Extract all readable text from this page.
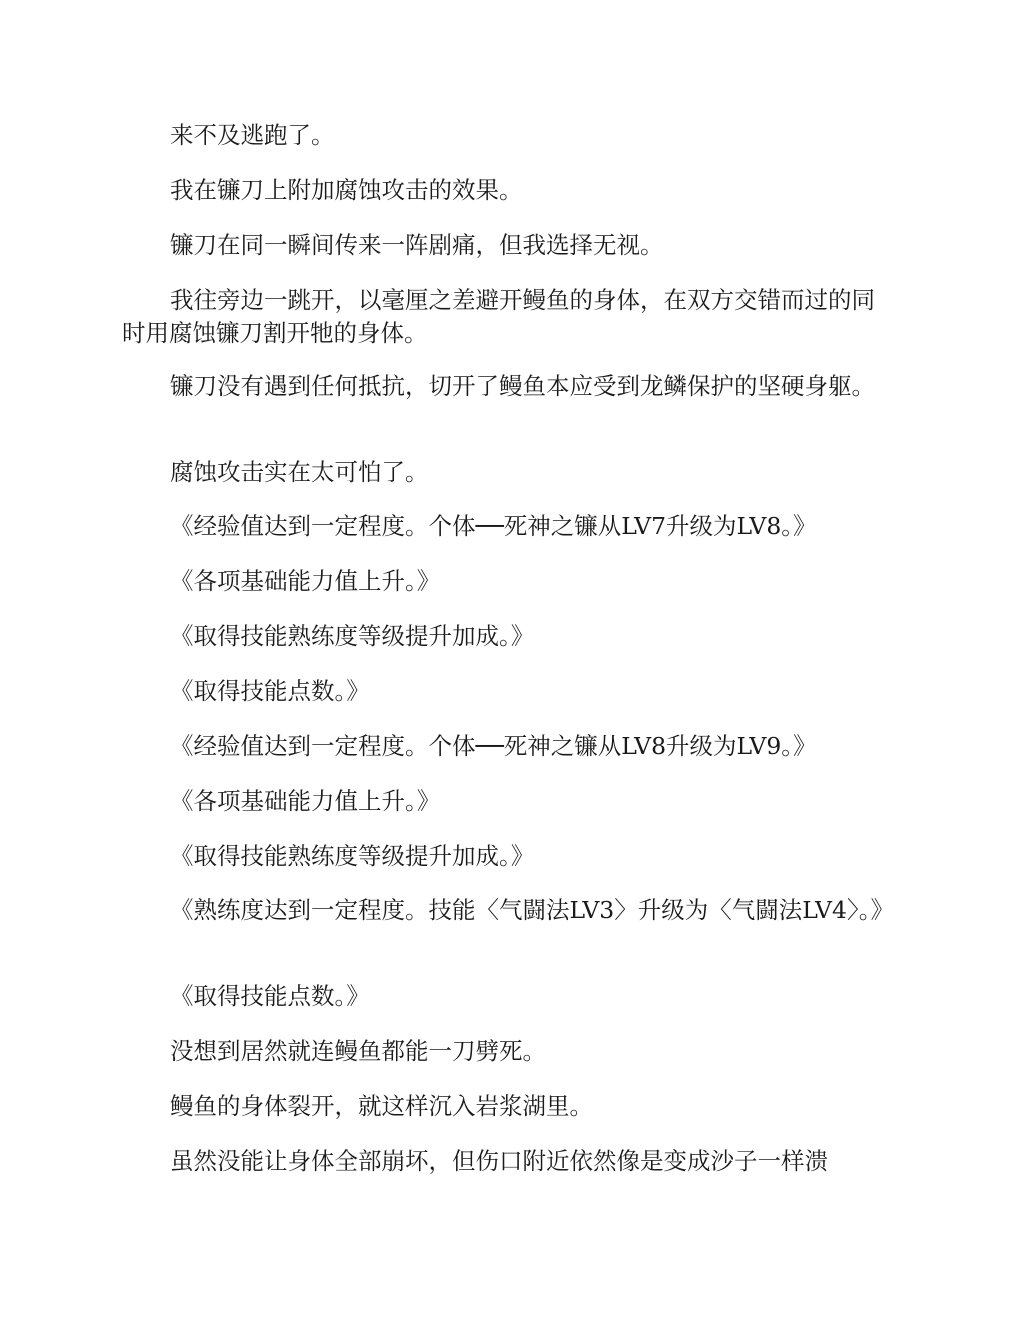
来不及逃跑了。

我在镰刀上附加腐蚀攻击的效果。

镰刀在同一瞬间传来一阵剧痛，但我选择无视。

我往旁边一跳开，以毫厘之差避开鳗鱼的身体，在双方交错而过的同时用腐蚀镰刀割开牠的身体。

镰刀没有遇到任何抵抗，切开了鳗鱼本应受到龙鳞保护的坚硬身躯。

腐蚀攻击实在太可怕了。

《经验值达到一定程度。个体──死神之镰从LV7升级为LV8。》

《各项基础能力值上升。》

《取得技能熟练度等级提升加成。》

《取得技能点数。》

《经验值达到一定程度。个体──死神之镰从LV8升级为LV9。》

《各项基础能力值上升。》

《取得技能熟练度等级提升加成。》

《熟练度达到一定程度。技能〈气闘法LV3〉升级为〈气闘法LV4〉。》

《取得技能点数。》

没想到居然就连鳗鱼都能一刀劈死。

鳗鱼的身体裂开，就这样沉入岩浆湖里。

虽然没能让身体全部崩坏，但伤口附近依然像是变成沙子一样溃
